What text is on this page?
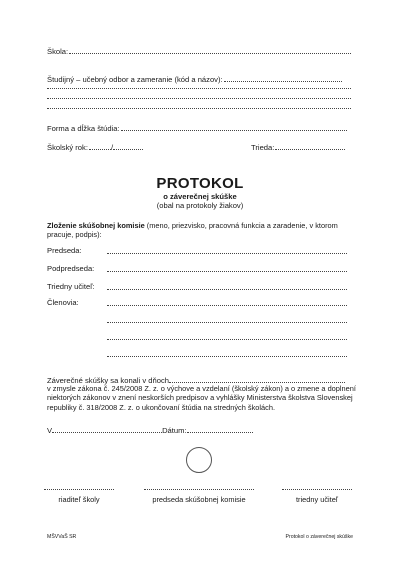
Škola:
Študijný – učebný odbor a zameranie (kód a názov):
Forma a dĺžka štúdia:
Školský rok:	/	Trieda:
PROTOKOL
o záverečnej skúške
(obal na protokoly žiakov)
Zloženie skúšobnej komisie (meno, priezvisko, pracovná funkcia a zaradenie, v ktorom pracuje, podpis):
Predseda:
Podpredseda:
Triedny učiteľ:
Členovia:
Záverečné skúšky sa konali v dňoch
v zmysle zákona č. 245/2008 Z. z. o výchove a vzdelaní (školský zákon) a o zmene a doplnení niektorých zákonov v znení neskorších predpisov a vyhlášky Ministerstva školstva Slovenskej republiky č. 318/2008 Z. z. o ukončovaní štúdia na stredných školách.
V	Dátum:
riaditeľ školy	predseda skúšobnej komisie	triedny učiteľ
MŠVVaŠ SR	Protokol o záverečnej skúške
